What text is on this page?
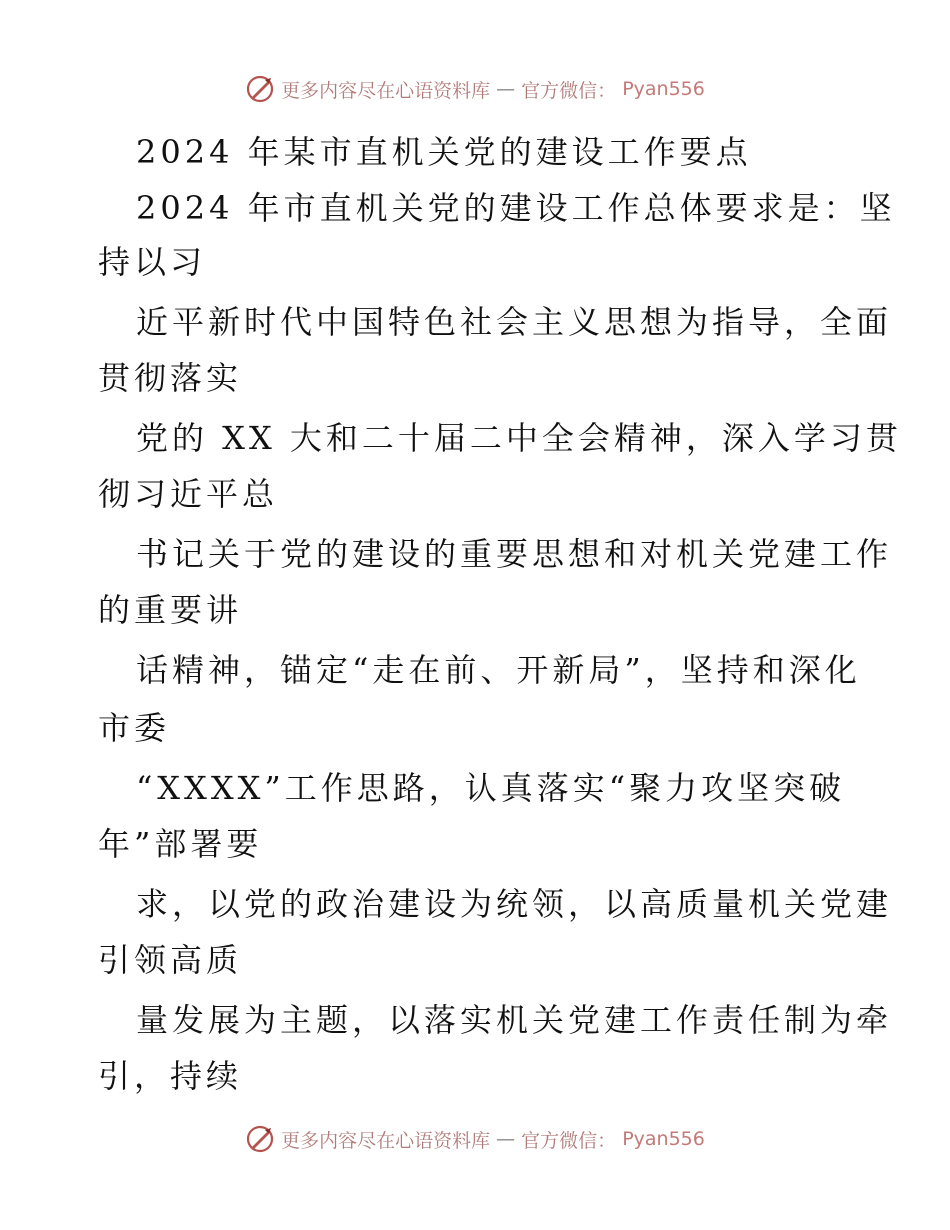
更多内容尽在心语资料库 — 官方微信： Pyan556
2024 年某市直机关党的建设工作要点
2024 年市直机关党的建设工作总体要求是：坚
持以习
近平新时代中国特色社会主义思想为指导，全面
贯彻落实
党的 XX 大和二十届二中全会精神，深入学习贯
彻习近平总
书记关于党的建设的重要思想和对机关党建工作
的重要讲
话精神，锚定“走在前、开新局”，坚持和深化
市委
“XXXX”工作思路，认真落实“聚力攻坚突破
年”部署要
求，以党的政治建设为统领，以高质量机关党建
引领高质
量发展为主题，以落实机关党建工作责任制为牵
引，持续
更多内容尽在心语资料库 — 官方微信： Pyan556
